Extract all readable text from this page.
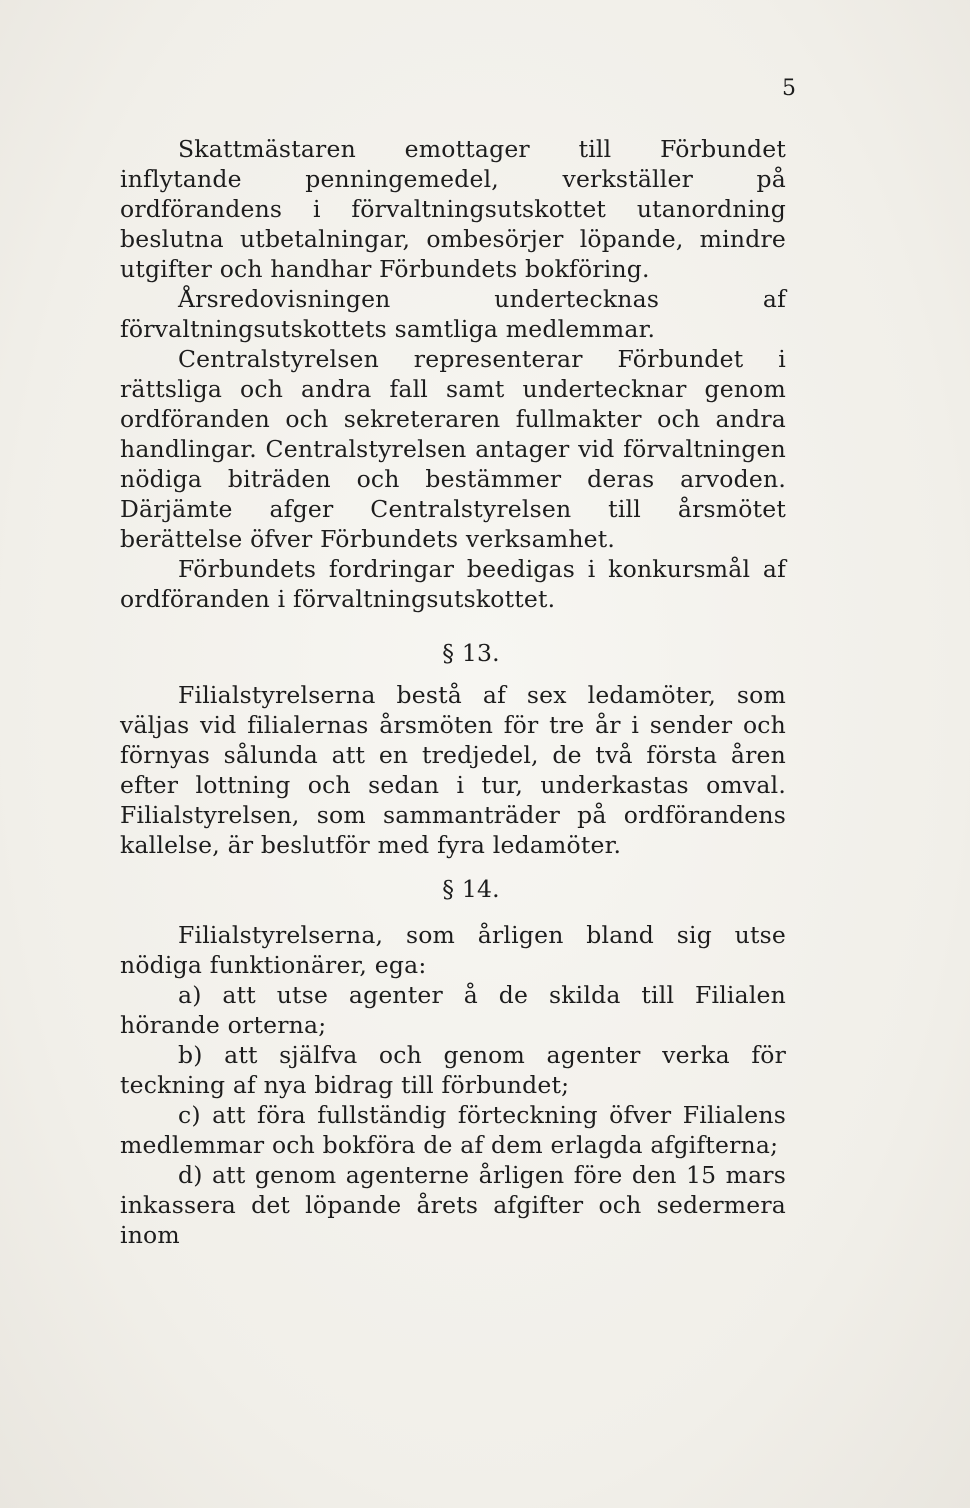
5

Skattmästaren emottager till Förbundet inflytande penningemedel, verkställer på ordförandens i förvaltningsutskottet utanordning beslutna utbetalningar, ombesörjer löpande, mindre utgifter och handhar Förbundets bokföring.

Årsredovisningen undertecknas af förvaltningsutskottets samtliga medlemmar.

Centralstyrelsen representerar Förbundet i rättsliga och andra fall samt undertecknar genom ordföranden och sekreteraren fullmakter och andra handlingar. Centralstyrelsen antager vid förvaltningen nödiga biträden och bestämmer deras arvoden. Därjämte afger Centralstyrelsen till årsmötet berättelse öfver Förbundets verksamhet.

Förbundets fordringar beedigas i konkursmål af ordföranden i förvaltningsutskottet.

§ 13.

Filialstyrelserna bestå af sex ledamöter, som väljas vid filialernas årsmöten för tre år i sender och förnyas sålunda att en tredjedel, de två första åren efter lottning och sedan i tur, underkastas omval. Filialstyrelsen, som sammanträder på ordförandens kallelse, är beslutför med fyra ledamöter.

§ 14.

Filialstyrelserna, som årligen bland sig utse nödiga funktionärer, ega:

a) att utse agenter å de skilda till Filialen hörande orterna;

b) att själfva och genom agenter verka för teckning af nya bidrag till förbundet;

c) att föra fullständig förteckning öfver Filialens medlemmar och bokföra de af dem erlagda afgifterna;

d) att genom agenterne årligen före den 15 mars inkassera det löpande årets afgifter och sedermera inom
